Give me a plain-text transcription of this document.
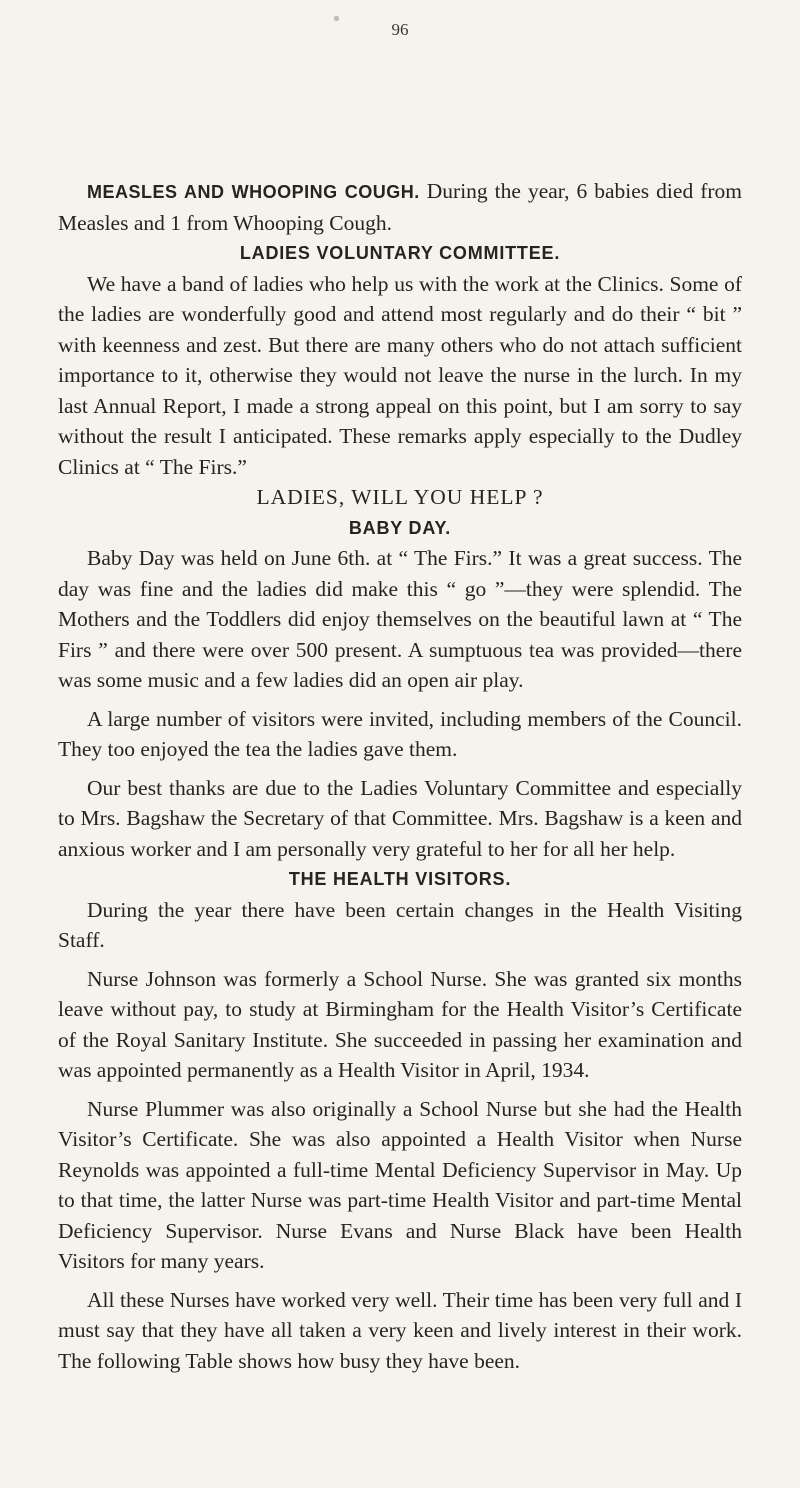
96

MEASLES AND WHOOPING COUGH. During the year, 6 babies died from Measles and 1 from Whooping Cough.

LADIES VOLUNTARY COMMITTEE.

We have a band of ladies who help us with the work at the Clinics. Some of the ladies are wonderfully good and attend most regularly and do their “ bit ” with keenness and zest. But there are many others who do not attach sufficient importance to it, otherwise they would not leave the nurse in the lurch. In my last Annual Report, I made a strong appeal on this point, but I am sorry to say without the result I anticipated. These remarks apply especially to the Dudley Clinics at “ The Firs.”

LADIES, WILL YOU HELP ?
BABY DAY.

Baby Day was held on June 6th. at “ The Firs.” It was a great success. The day was fine and the ladies did make this “ go ”—they were splendid. The Mothers and the Toddlers did enjoy themselves on the beautiful lawn at “ The Firs ” and there were over 500 present. A sumptuous tea was provided—there was some music and a few ladies did an open air play.

A large number of visitors were invited, including members of the Council. They too enjoyed the tea the ladies gave them.

Our best thanks are due to the Ladies Voluntary Committee and especially to Mrs. Bagshaw the Secretary of that Committee. Mrs. Bagshaw is a keen and anxious worker and I am personally very grateful to her for all her help.

THE HEALTH VISITORS.

During the year there have been certain changes in the Health Visiting Staff.

Nurse Johnson was formerly a School Nurse. She was granted six months leave without pay, to study at Birmingham for the Health Visitor’s Certificate of the Royal Sanitary Institute. She succeeded in passing her examination and was appointed permanently as a Health Visitor in April, 1934.

Nurse Plummer was also originally a School Nurse but she had the Health Visitor’s Certificate. She was also appointed a Health Visitor when Nurse Reynolds was appointed a full-time Mental Deficiency Supervisor in May. Up to that time, the latter Nurse was part-time Health Visitor and part-time Mental Deficiency Supervisor. Nurse Evans and Nurse Black have been Health Visitors for many years.

All these Nurses have worked very well. Their time has been very full and I must say that they have all taken a very keen and lively interest in their work. The following Table shows how busy they have been.
